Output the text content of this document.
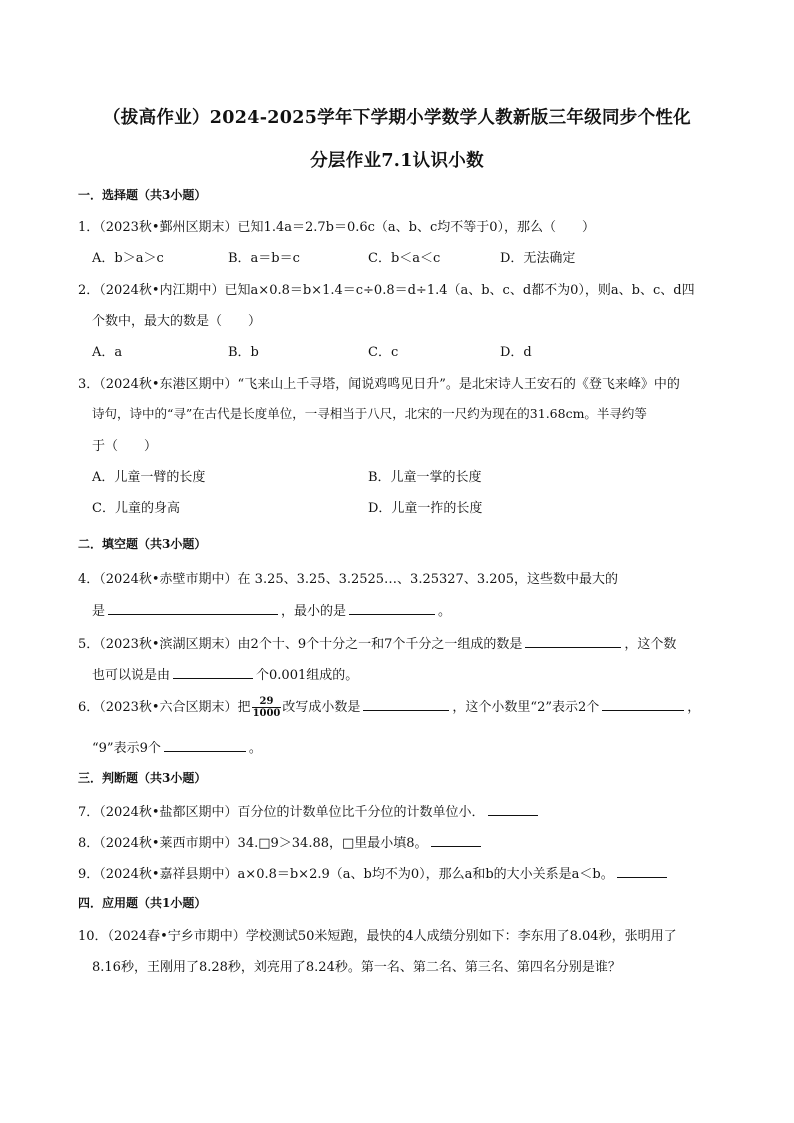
（拔高作业）2024-2025学年下学期小学数学人教新版三年级同步个性化
分层作业7.1认识小数
一．选择题（共3小题）
1．（2023秋•鄞州区期末）已知1.4a＝2.7b＝0.6c（a、b、c均不等于0），那么（　　）
A．b＞a＞c	B．a＝b＝c	C．b＜a＜c	D．无法确定
2．（2024秋•内江期中）已知a×0.8＝b×1.4＝c÷0.8＝d÷1.4（a、b、c、d都不为0），则a、b、c、d四
个数中，最大的数是（　　）
A．a	B．b	C．c	D．d
3．（2024秋•东港区期中）“飞来山上千寻塔，闻说鸡鸣见日升”。是北宋诗人王安石的《登飞来峰》中的
诗句，诗中的“寻”在古代是长度单位，一寻相当于八尺，北宋的一尺约为现在的31.68cm。半寻约等
于（　　）
A．儿童一臂的长度	B．儿童一掌的长度
C．儿童的身高	D．儿童一拃的长度
二．填空题（共3小题）
4．（2024秋•赤壁市期中）在 3.25、3.25̇、3.2525…、3.25327、3.205，这些数中最大的
是	，最小的是	。
5．（2023秋•滨湖区期末）由2个十、9个十分之一和7个千分之一组成的数是	，这个数
也可以说是由	个0.001组成的。
6．（2023秋•六合区期末）把 $\frac{29}{1000}$ 改写成小数是	，这个小数里“2”表示2个	，
“9”表示9个	。
三．判断题（共3小题）
7．（2024秋•盐都区期中）百分位的计数单位比千分位的计数单位小．
8．（2024秋•莱西市期中）34.□9＞34.88，□里最小填8。
9．（2024秋•嘉祥县期中）a×0.8＝b×2.9（a、b均不为0），那么a和b的大小关系是a＜b。
四．应用题（共1小题）
10．（2024春•宁乡市期中）学校测试50米短跑，最快的4人成绩分别如下：李东用了8.04秒，张明用了
8.16秒，王刚用了8.28秒，刘亮用了8.24秒。第一名、第二名、第三名、第四名分别是谁？
